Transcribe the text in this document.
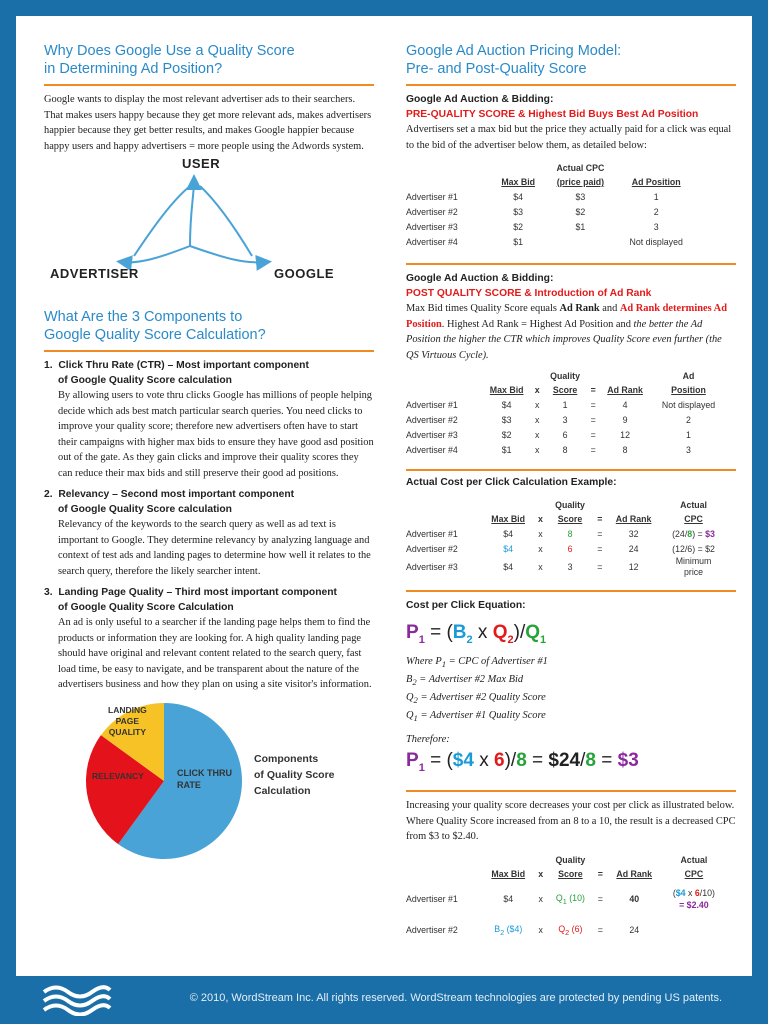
Why Does Google Use a Quality Score
in Determining Ad Position?
Google wants to display the most relevant advertiser ads to their searchers. That makes users happy because they get more relevant ads, makes advertisers happier because they get better results, and makes Google happier because happy users and happy advertisers = more people using the Adwords system.
USER
ADVERTISER	GOOGLE
What Are the 3 Components to
Google Quality Score Calculation?
1. Click Thru Rate (CTR) – Most important component
of Google Quality Score calculation
By allowing users to vote thru clicks Google has millions of people helping decide which ads best match particular search queries. You need clicks to improve your quality score; therefore new advertisers often have to start their campaigns with higher max bids to ensure they have good asd position out of the gate. As they gain clicks and improve their quality scores they can reduce their max bids and still preserve their good ad positions.
2. Relevancy – Second most important component
of Google Quality Score calculation
Relevancy of the keywords to the search query as well as ad text is important to Google. They determine relevancy by analyzing language and context of test ads and landing pages to determine how well it relates to the search query, therefore the likely searcher intent.
3. Landing Page Quality – Third most important component
of Google Quality Score Calculation
An ad is only useful to a searcher if the landing page helps them to find the products or information they are looking for. A high quality landing page should have original and relevant content related to the search query, fast load time, be easy to navigate, and be transparent about the nature of the advertisers business and how they plan on using a site visitor's information.
LANDING
PAGE
QUALITY
RELEVANCY	CLICK THRU
RATE
Components
of Quality Score
Calculation
Google Ad Auction Pricing Model:
Pre- and Post-Quality Score
Google Ad Auction & Bidding:
PRE-QUALITY SCORE & Highest Bid Buys Best Ad Position
Advertisers set a max bid but the price they actually paid for a click was equal to the bid of the advertiser below them, as detailed below:
	Max Bid	Actual CPC
(price paid)	Ad Position
Advertiser #1	$4	$3	1
Advertiser #2	$3	$2	2
Advertiser #3	$2	$1	3
Advertiser #4	$1		Not displayed
Google Ad Auction & Bidding:
POST QUALITY SCORE & Introduction of Ad Rank
Max Bid times Quality Score equals Ad Rank and Ad Rank determines Ad Position. Highest Ad Rank = Highest Ad Position and the better the Ad Position the higher the CTR which improves Quality Score even further (the QS Virtuous Cycle).
	Max Bid	x	Quality
Score	=	Ad Rank	Ad
Position
Advertiser #1	$4	x	1	=	4	Not displayed
Advertiser #2	$3	x	3	=	9	2
Advertiser #3	$2	x	6	=	12	1
Advertiser #4	$1	x	8	=	8	3
Actual Cost per Click Calculation Example:
	Max Bid	x	Quality
Score	=	Ad Rank	Actual
CPC
Advertiser #1	$4	x	8	=	32	(24/8) = $3
Advertiser #2	$4	x	6	=	24	(12/6) = $2
Advertiser #3	$4	x	3	=	12	Minimum
price
Cost per Click Equation:
$P_1 = (B_2$ x $Q_2)/Q_1$
Where $P_1$ = CPC of Advertiser #1
$B_2$ = Advertiser #2 Max Bid
$Q_2$ = Advertiser #2 Quality Score
$Q_1$ = Advertiser #1 Quality Score
Therefore:
$P_1$ = ($4 x 6)/8 = $24/8 = $3
Increasing your quality score decreases your cost per click as illustrated below. Where Quality Score increased from an 8 to a 10, the result is a decreased CPC from $3 to $2.40.
	Max Bid	x	Quality
Score	=	Ad Rank	Actual
CPC
Advertiser #1	$4	x	$Q_1$ (10)	=	40	($4 x 6/10)
= $2.40

Advertiser #2	$B_2$ ($4)	x	$Q_2$ (6)	=	24	
© 2010, WordStream Inc. All rights reserved. WordStream technologies are protected by pending US patents.
